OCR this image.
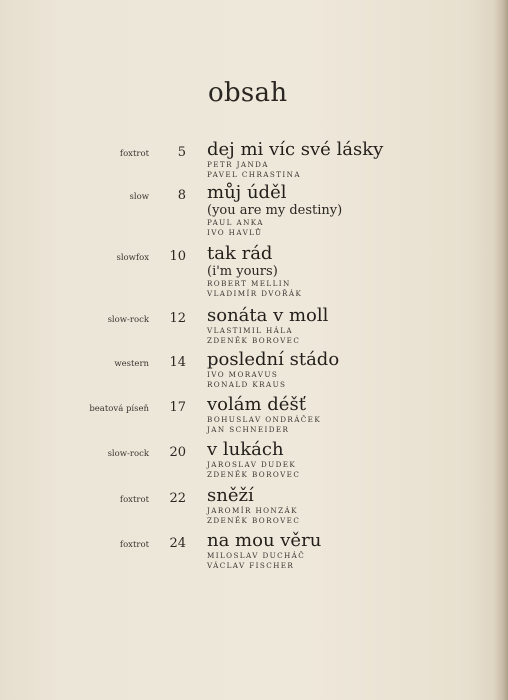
obsah
foxtrot 5 dej mi víc své lásky
PETR JANDA
PAVEL CHRASTINA
slow 8 můj úděl
(you are my destiny)
PAUL ANKA
IVO HAVLŮ
slowfox 10 tak rád
(i'm yours)
ROBERT MELLIN
VLADIMÍR DVOŘÁK
slow-rock 12 sonáta v moll
VLASTIMIL HÁLA
ZDENĚK BOROVEC
western 14 poslední stádo
IVO MORAVUS
RONALD KRAUS
beatová píseň 17 volám déšť
BOHUSLAV ONDRÁČEK
JAN SCHNEIDER
slow-rock 20 v lukách
JAROSLAV DUDEK
ZDENĚK BOROVEC
foxtrot 22 sněží
JAROMÍR HONZÁK
ZDENĚK BOROVEC
foxtrot 24 na mou věru
MILOSLAV DUCHÁČ
VÁCLAV FISCHER
